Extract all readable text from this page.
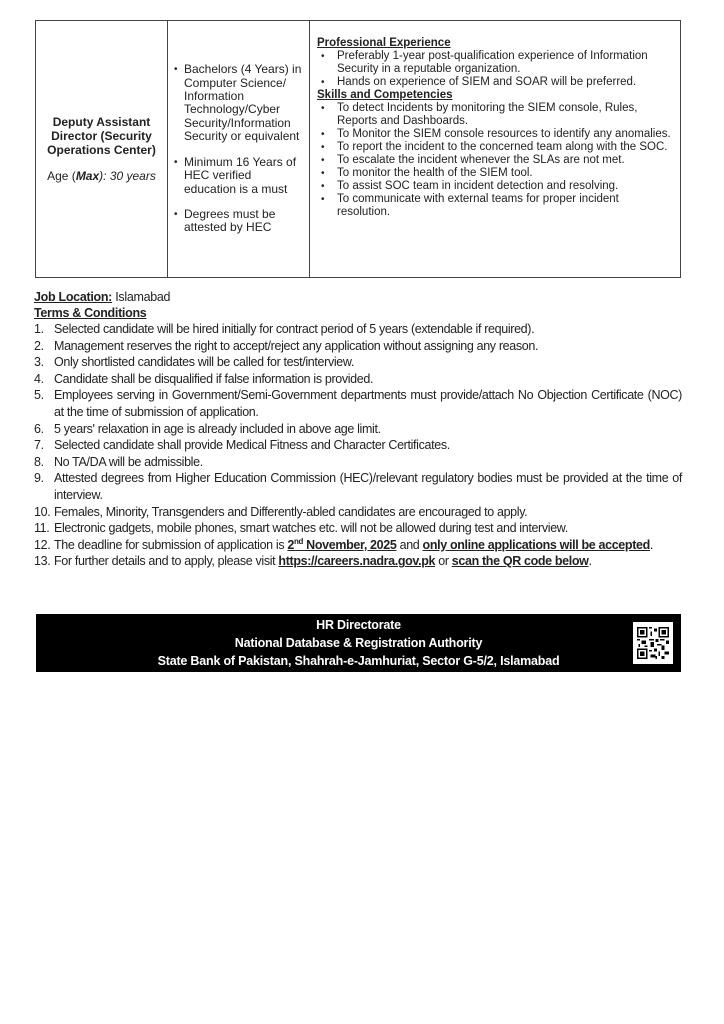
Deputy Assistant Director (Security Operations Center)
Age (Max): 30 years
• Bachelors (4 Years) in Computer Science/ Information Technology/Cyber Security/Information Security or equivalent
• Minimum 16 Years of HEC verified education is a must
• Degrees must be attested by HEC
Professional Experience
•	Preferably 1-year post-qualification experience of Information Security in a reputable organization.
•	Hands on experience of SIEM and SOAR will be preferred.
Skills and Competencies
•	To detect Incidents by monitoring the SIEM console, Rules, Reports and Dashboards.
•	To Monitor the SIEM console resources to identify any anomalies.
•	To report the incident to the concerned team along with the SOC.
•	To escalate the incident whenever the SLAs are not met.
•	To monitor the health of the SIEM tool.
•	To assist SOC team in incident detection and resolving.
•	To communicate with external teams for proper incident resolution.
Job Location: Islamabad
Terms & Conditions
1. Selected candidate will be hired initially for contract period of 5 years (extendable if required).
2. Management reserves the right to accept/reject any application without assigning any reason.
3. Only shortlisted candidates will be called for test/interview.
4. Candidate shall be disqualified if false information is provided.
5. Employees serving in Government/Semi-Government departments must provide/attach No Objection Certificate (NOC) at the time of submission of application.
6. 5 years' relaxation in age is already included in above age limit.
7. Selected candidate shall provide Medical Fitness and Character Certificates.
8. No TA/DA will be admissible.
9. Attested degrees from Higher Education Commission (HEC)/relevant regulatory bodies must be provided at the time of interview.
10. Females, Minority, Transgenders and Differently-abled candidates are encouraged to apply.
11. Electronic gadgets, mobile phones, smart watches etc. will not be allowed during test and interview.
12. The deadline for submission of application is 2nd November, 2025 and only online applications will be accepted.
13. For further details and to apply, please visit https://careers.nadra.gov.pk or scan the QR code below.
HR Directorate
National Database & Registration Authority
State Bank of Pakistan, Shahrah-e-Jamhuriat, Sector G-5/2, Islamabad
